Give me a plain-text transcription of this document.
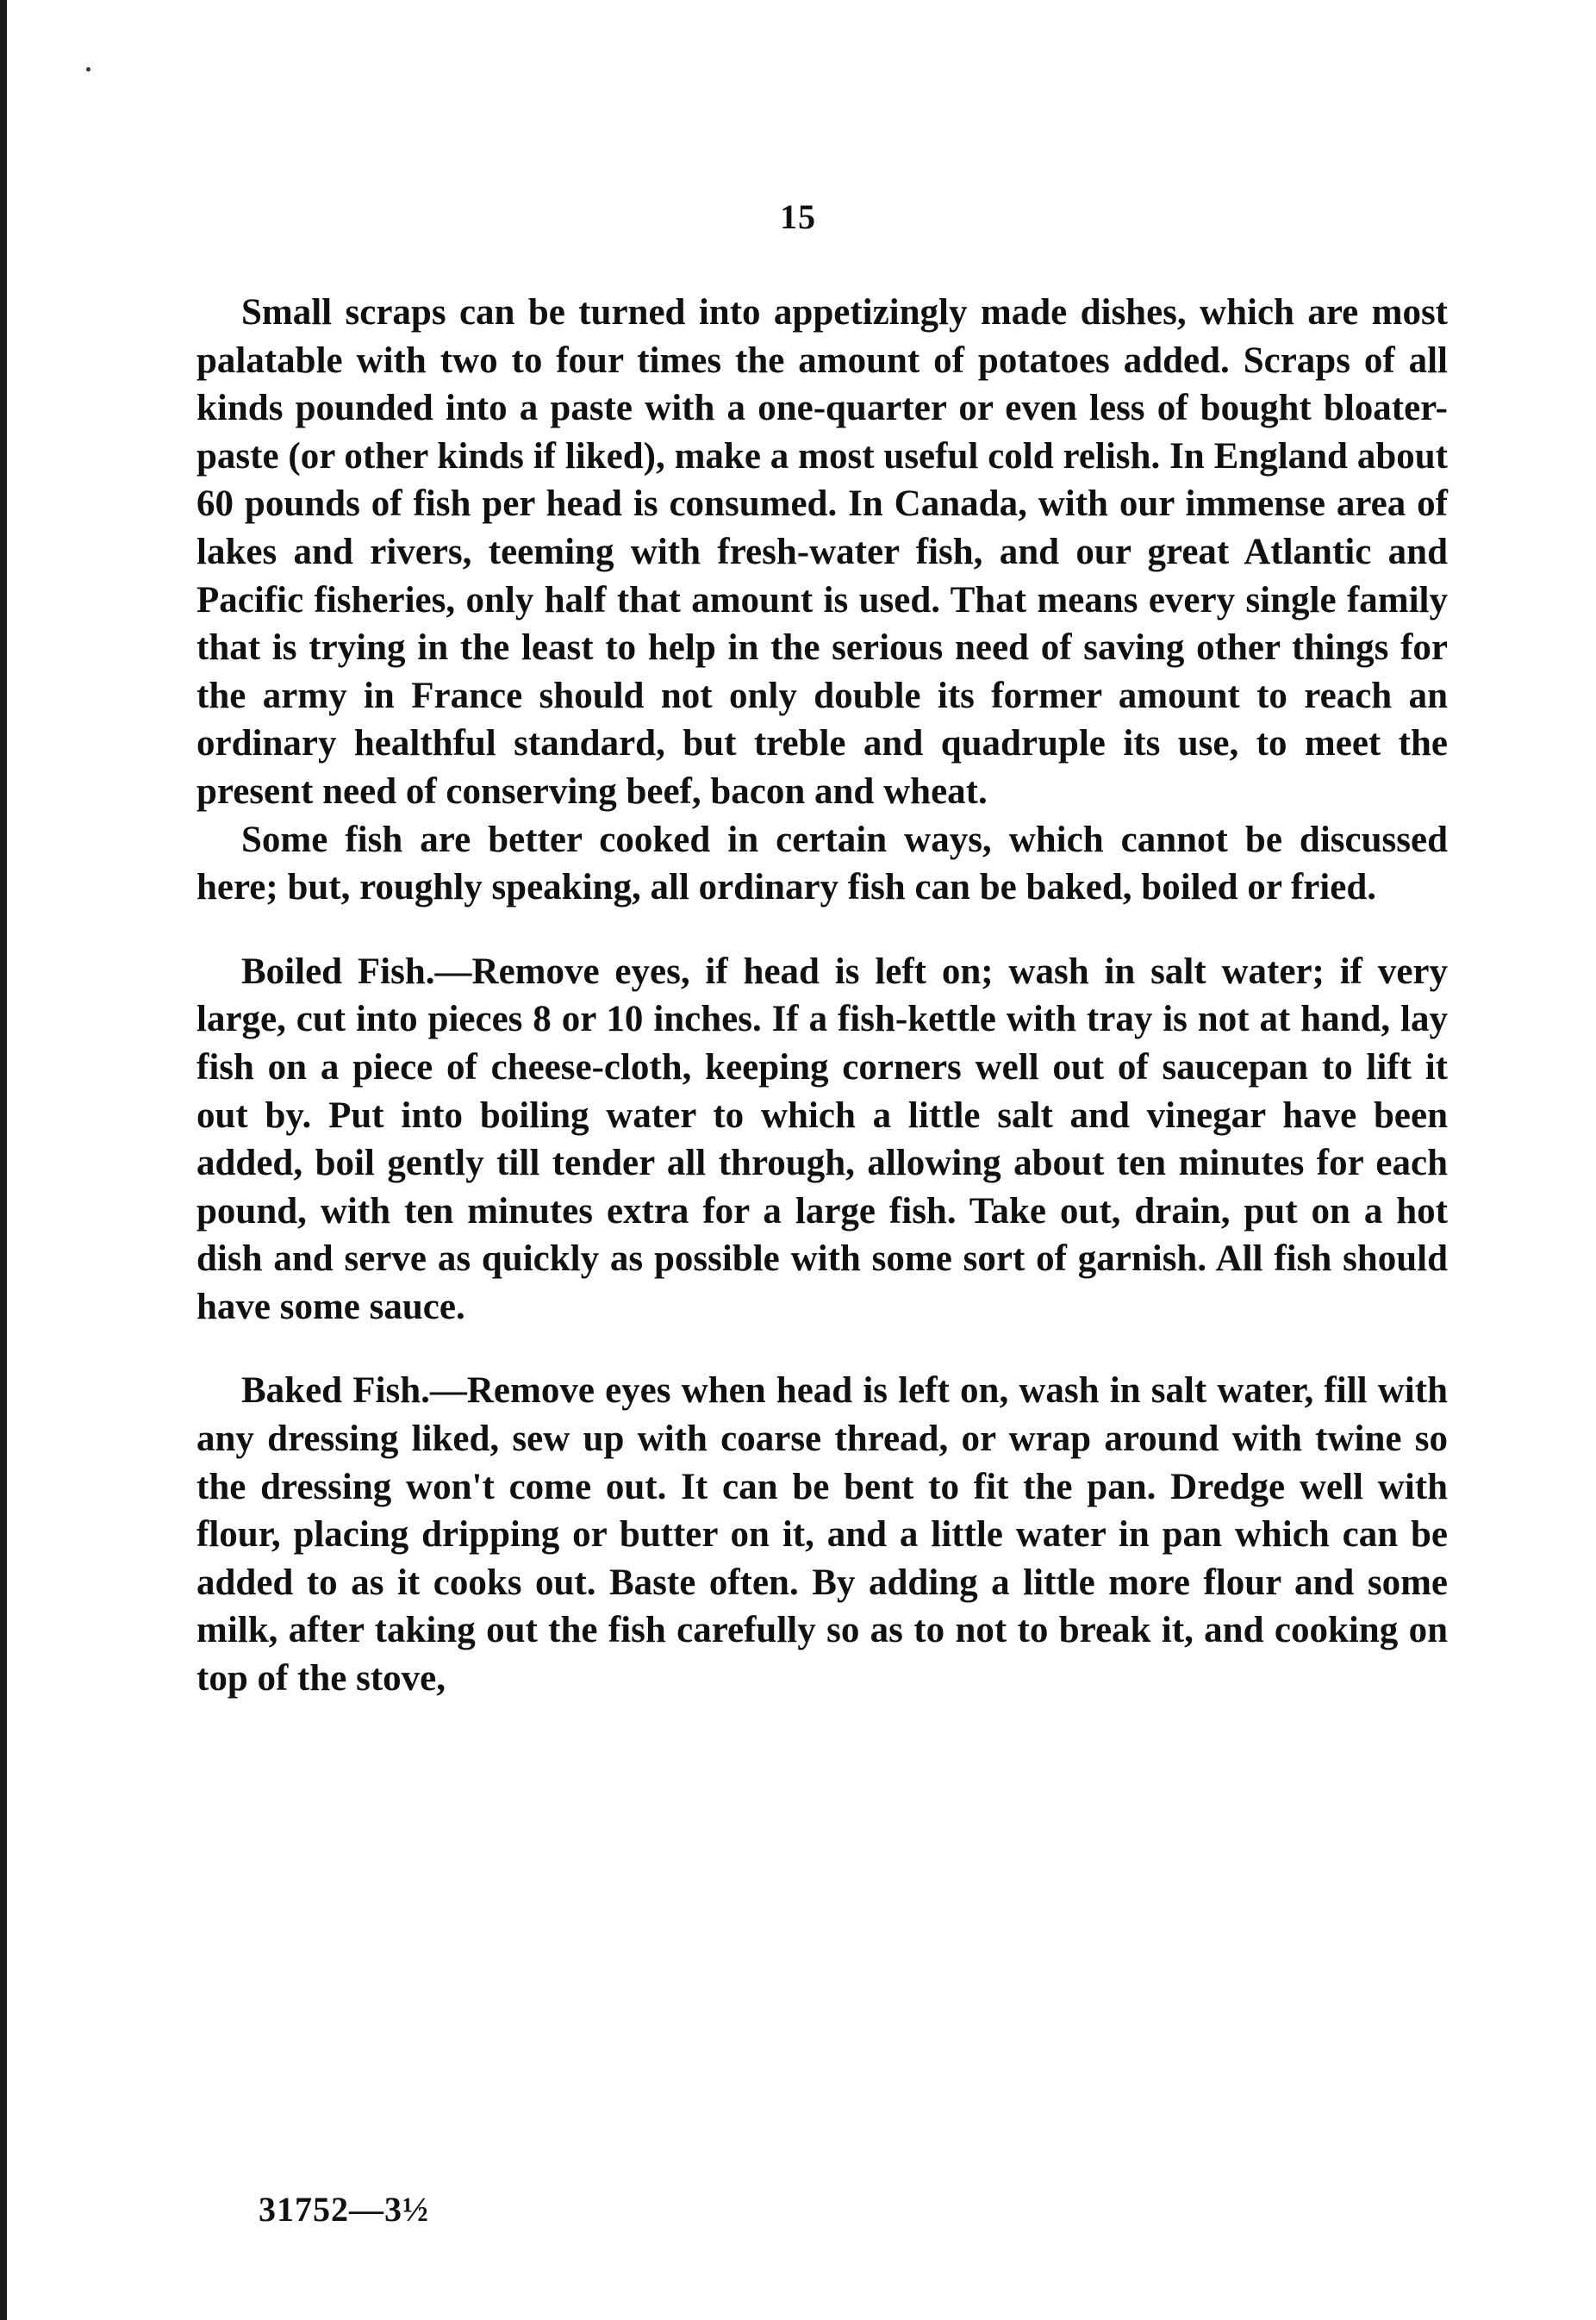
15

Small scraps can be turned into appetizingly made dishes, which are most palatable with two to four times the amount of potatoes added. Scraps of all kinds pounded into a paste with a one-quarter or even less of bought bloater-paste (or other kinds if liked), make a most useful cold relish. In England about 60 pounds of fish per head is consumed. In Canada, with our immense area of lakes and rivers, teeming with fresh-water fish, and our great Atlantic and Pacific fisheries, only half that amount is used. That means every single family that is trying in the least to help in the serious need of saving other things for the army in France should not only double its former amount to reach an ordinary healthful standard, but treble and quadruple its use, to meet the present need of conserving beef, bacon and wheat.

Some fish are better cooked in certain ways, which cannot be discussed here; but, roughly speaking, all ordinary fish can be baked, boiled or fried.

Boiled Fish.—Remove eyes, if head is left on; wash in salt water; if very large, cut into pieces 8 or 10 inches. If a fish-kettle with tray is not at hand, lay fish on a piece of cheese-cloth, keeping corners well out of saucepan to lift it out by. Put into boiling water to which a little salt and vinegar have been added, boil gently till tender all through, allowing about ten minutes for each pound, with ten minutes extra for a large fish. Take out, drain, put on a hot dish and serve as quickly as possible with some sort of garnish. All fish should have some sauce.

Baked Fish.—Remove eyes when head is left on, wash in salt water, fill with any dressing liked, sew up with coarse thread, or wrap around with twine so the dressing won't come out. It can be bent to fit the pan. Dredge well with flour, placing dripping or butter on it, and a little water in pan which can be added to as it cooks out. Baste often. By adding a little more flour and some milk, after taking out the fish carefully so as to not to break it, and cooking on top of the stove,

31752—3½
